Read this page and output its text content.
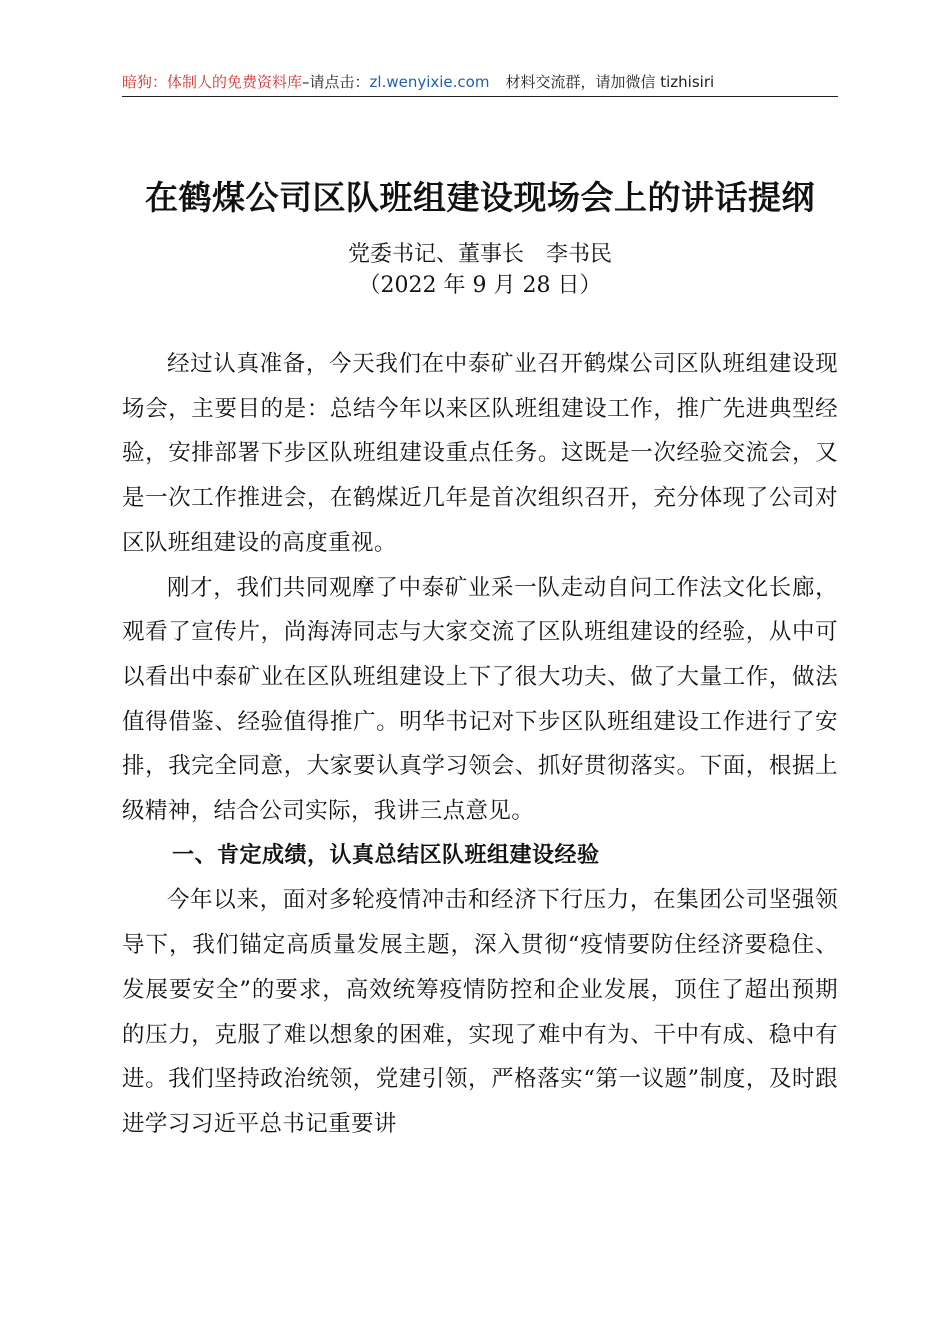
暗狗：体制人的免费资料库–请点击：zl.wenyixie.com 材料交流群，请加微信 tizhisiri
在鹤煤公司区队班组建设现场会上的讲话提纲
党委书记、董事长　李书民
（2022 年 9 月 28 日）

经过认真准备，今天我们在中泰矿业召开鹤煤公司区队班组建设现场会，主要目的是：总结今年以来区队班组建设工作，推广先进典型经验，安排部署下步区队班组建设重点任务。这既是一次经验交流会，又是一次工作推进会，在鹤煤近几年是首次组织召开，充分体现了公司对区队班组建设的高度重视。

刚才，我们共同观摩了中泰矿业采一队走动自问工作法文化长廊，观看了宣传片，尚海涛同志与大家交流了区队班组建设的经验，从中可以看出中泰矿业在区队班组建设上下了很大功夫、做了大量工作，做法值得借鉴、经验值得推广。明华书记对下步区队班组建设工作进行了安排，我完全同意，大家要认真学习领会、抓好贯彻落实。下面，根据上级精神，结合公司实际，我讲三点意见。

一、肯定成绩，认真总结区队班组建设经验

今年以来，面对多轮疫情冲击和经济下行压力，在集团公司坚强领导下，我们锚定高质量发展主题，深入贯彻“疫情要防住经济要稳住、发展要安全”的要求，高效统筹疫情防控和企业发展，顶住了超出预期的压力，克服了难以想象的困难，实现了难中有为、干中有成、稳中有进。我们坚持政治统领，党建引领，严格落实“第一议题”制度，及时跟进学习习近平总书记重要讲
